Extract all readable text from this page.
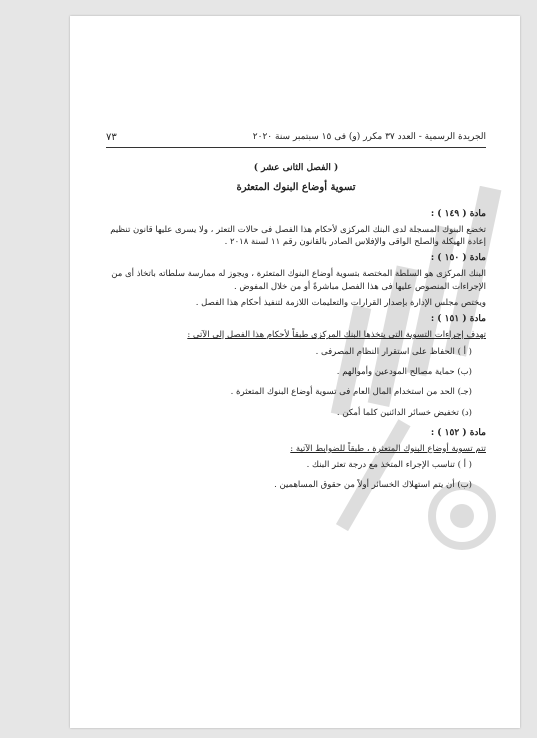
الجريدة الرسمية - العدد ٣٧ مكرر (و) فى ١٥ سبتمبر سنة ٢٠٢٠
٧٣
( الفصل الثانى عشر )
تسوية أوضاع البنوك المتعثرة
مادة ( ١٤٩ ) :

تخضع البنوك المسجلة لدى البنك المركزى لأحكام هذا الفصل فى حالات التعثر ، ولا يسرى عليها قانون تنظيم إعادة الهيكلة والصلح الواقى والإفلاس الصادر بالقانون رقم ١١ لسنة ٢٠١٨ .

مادة ( ١٥٠ ) :

البنك المركزى هو السلطة المختصة بتسوية أوضاع البنوك المتعثرة ، ويجوز له ممارسة سلطاته باتخاذ أى من الإجراءات المنصوص عليها فى هذا الفصل مباشرةً أو من خلال المفوض .

ويختص مجلس الإدارة بإصدار القرارات والتعليمات اللازمة لتنفيذ أحكام هذا الفصل .

مادة ( ١٥١ ) :

تهدف إجراءات التسوية التى يتخذها البنك المركزى طبقاً لأحكام هذا الفصل إلى الآتى :

( أ ) الحفاظ على استقرار النظام المصرفى .
(ب) حماية مصالح المودعين وأموالهم .
(جـ) الحد من استخدام المال العام فى تسوية أوضاع البنوك المتعثرة .
(د) تخفيض خسائر الدائنين كلما أمكن .
مادة ( ١٥٢ ) :

تتم تسوية أوضاع البنوك المتعثرة ، طبقاً للضوابط الآتية :

( أ ) تناسب الإجراء المتخذ مع درجة تعثر البنك .
(ب) أن يتم استهلاك الخسائر أولاً من حقوق المساهمين .
